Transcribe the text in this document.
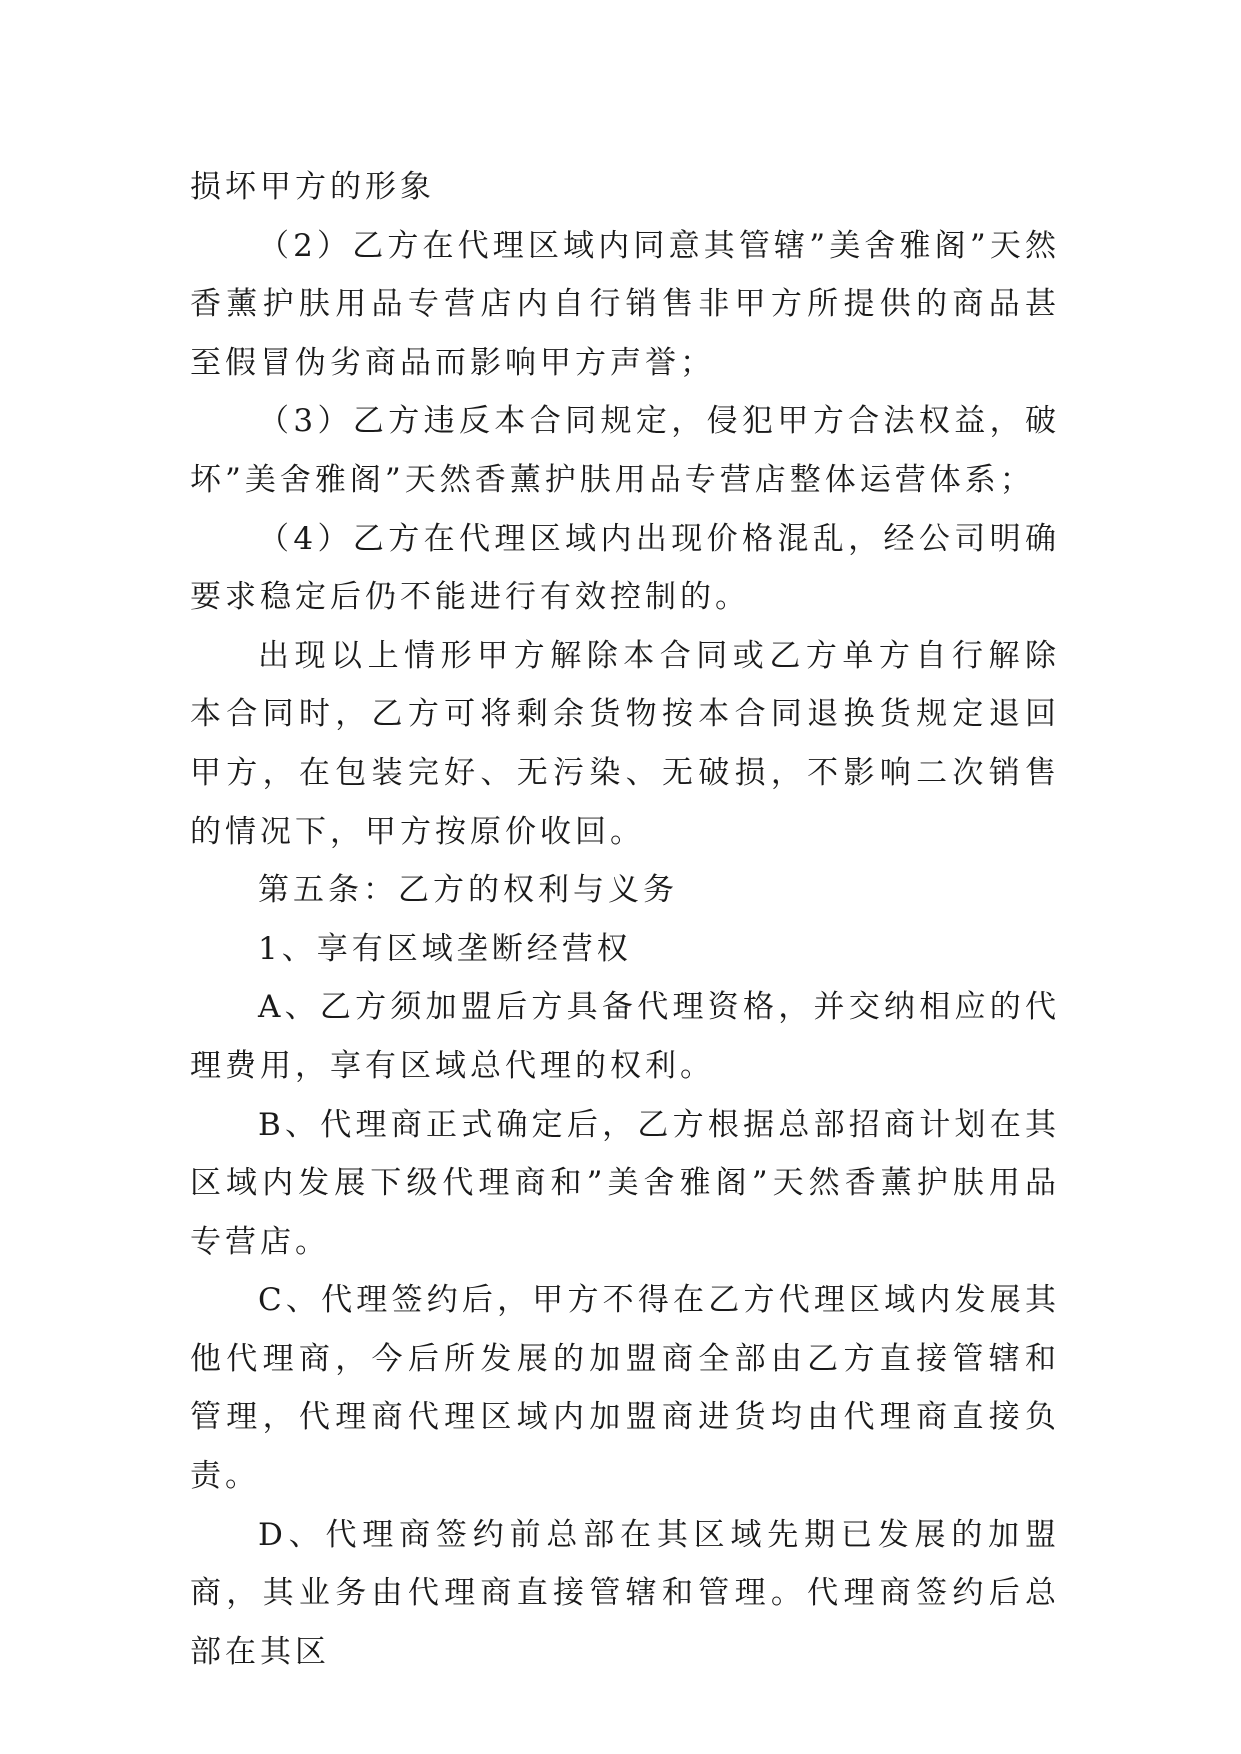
损坏甲方的形象

（2）乙方在代理区域内同意其管辖”美舍雅阁”天然香薰护肤用品专营店内自行销售非甲方所提供的商品甚至假冒伪劣商品而影响甲方声誉；

（3）乙方违反本合同规定，侵犯甲方合法权益，破坏”美舍雅阁”天然香薰护肤用品专营店整体运营体系；

（4）乙方在代理区域内出现价格混乱，经公司明确要求稳定后仍不能进行有效控制的。

出现以上情形甲方解除本合同或乙方单方自行解除本合同时，乙方可将剩余货物按本合同退换货规定退回甲方，在包装完好、无污染、无破损，不影响二次销售的情况下，甲方按原价收回。

第五条：乙方的权利与义务

1、享有区域垄断经营权

A、乙方须加盟后方具备代理资格，并交纳相应的代理费用，享有区域总代理的权利。

B、代理商正式确定后，乙方根据总部招商计划在其区域内发展下级代理商和”美舍雅阁”天然香薰护肤用品专营店。

C、代理签约后，甲方不得在乙方代理区域内发展其他代理商，今后所发展的加盟商全部由乙方直接管辖和管理，代理商代理区域内加盟商进货均由代理商直接负责。

D、代理商签约前总部在其区域先期已发展的加盟商，其业务由代理商直接管辖和管理。代理商签约后总部在其区
